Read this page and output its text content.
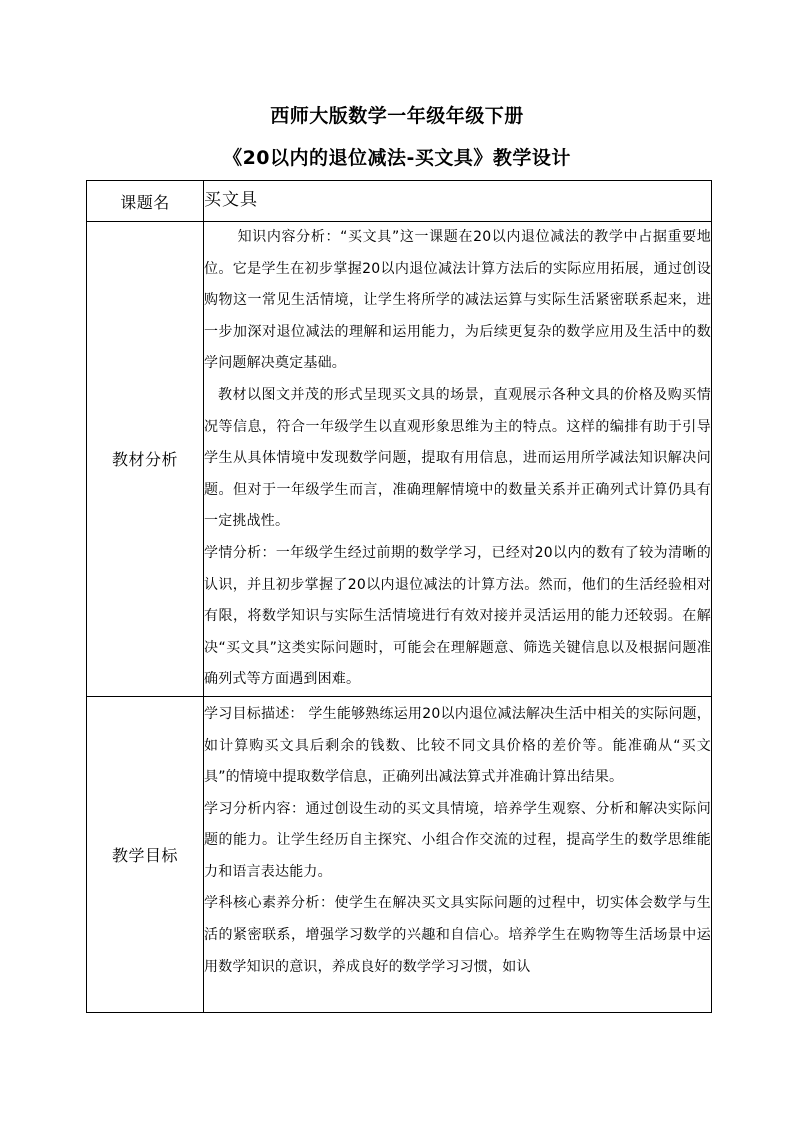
西师大版数学一年级年级下册
《20以内的退位减法-买文具》教学设计
课题名	买文具
教材分析	知识内容分析：“买文具”这一课题在20以内退位减法的教学中占据重要地位。它是学生在初步掌握20以内退位减法计算方法后的实际应用拓展，通过创设购物这一常见生活情境，让学生将所学的减法运算与实际生活紧密联系起来，进一步加深对退位减法的理解和运用能力，为后续更复杂的数学应用及生活中的数学问题解决奠定基础。

教材以图文并茂的形式呈现买文具的场景，直观展示各种文具的价格及购买情况等信息，符合一年级学生以直观形象思维为主的特点。这样的编排有助于引导学生从具体情境中发现数学问题，提取有用信息，进而运用所学减法知识解决问题。但对于一年级学生而言，准确理解情境中的数量关系并正确列式计算仍具有一定挑战性。

学情分析：一年级学生经过前期的数学学习，已经对20以内的数有了较为清晰的认识，并且初步掌握了20以内退位减法的计算方法。然而，他们的生活经验相对有限，将数学知识与实际生活情境进行有效对接并灵活运用的能力还较弱。在解决“买文具”这类实际问题时，可能会在理解题意、筛选关键信息以及根据问题准确列式等方面遇到困难。

教学目标	学习目标描述： 学生能够熟练运用20以内退位减法解决生活中相关的实际问题，如计算购买文具后剩余的钱数、比较不同文具价格的差价等。能准确从“买文具”的情境中提取数学信息，正确列出减法算式并准确计算出结果。

学习分析内容：通过创设生动的买文具情境，培养学生观察、分析和解决实际问题的能力。让学生经历自主探究、小组合作交流的过程，提高学生的数学思维能力和语言表达能力。

学科核心素养分析：使学生在解决买文具实际问题的过程中，切实体会数学与生活的紧密联系，增强学习数学的兴趣和自信心。培养学生在购物等生活场景中运用数学知识的意识，养成良好的数学学习习惯，如认
